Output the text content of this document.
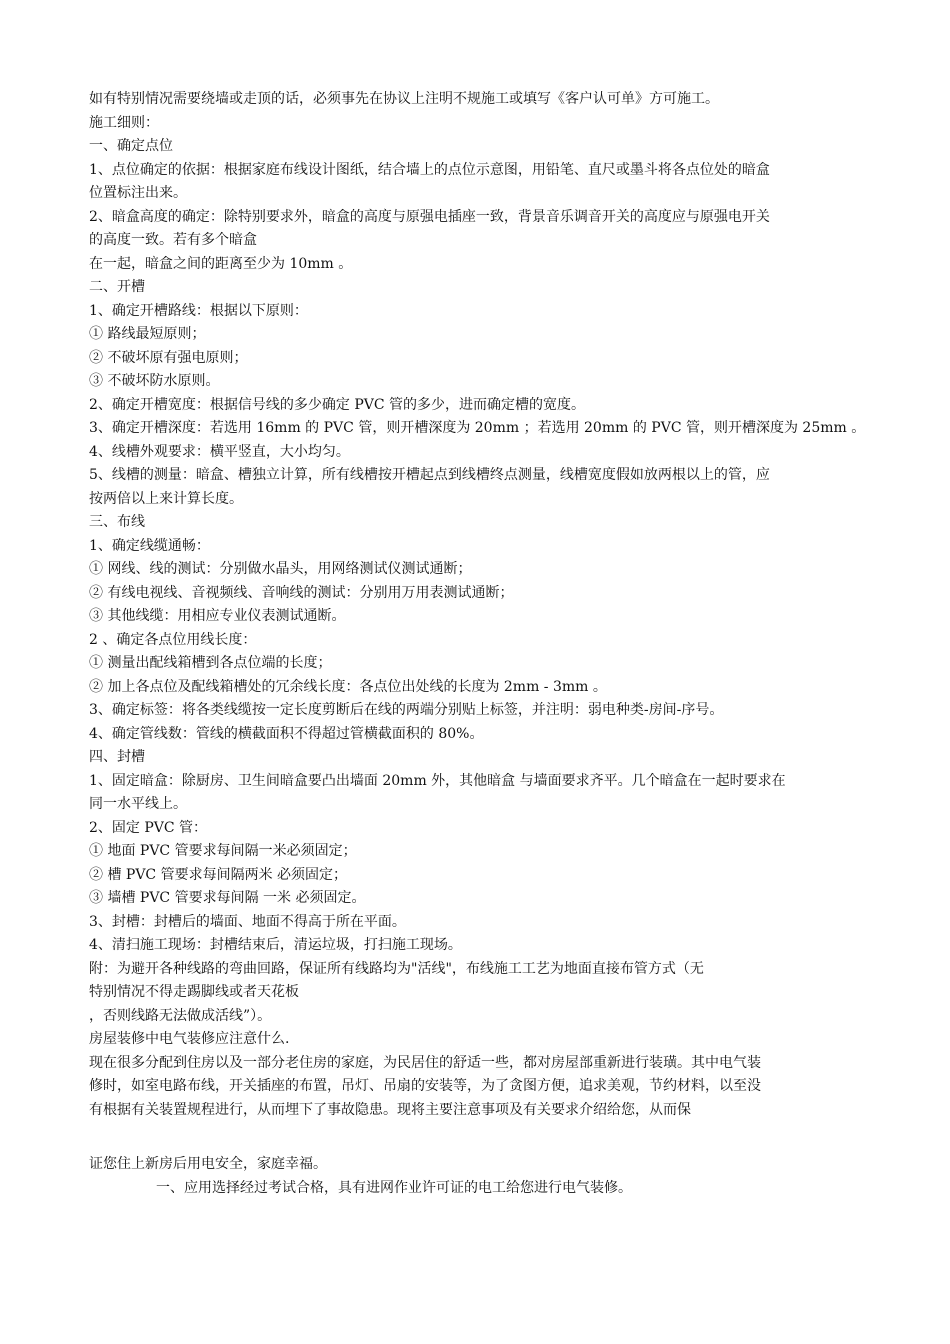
如有特别情况需要绕墙或走顶的话，必须事先在协议上注明不规施工或填写《客户认可单》方可施工。
施工细则：
一、确定点位
1、点位确定的依据：根据家庭布线设计图纸，结合墙上的点位示意图，用铅笔、直尺或墨斗将各点位处的暗盒
位置标注出来。
2、暗盒高度的确定：除特别要求外，暗盒的高度与原强电插座一致，背景音乐调音开关的高度应与原强电开关
的高度一致。若有多个暗盒
在一起，暗盒之间的距离至少为 10mm 。
二、开槽
1、确定开槽路线：根据以下原则：
① 路线最短原则；
② 不破坏原有强电原则；
③ 不破坏防水原则。
2、确定开槽宽度：根据信号线的多少确定 PVC 管的多少，进而确定槽的宽度。
3、确定开槽深度：若选用 16mm 的 PVC 管，则开槽深度为 20mm ；若选用 20mm 的 PVC 管，则开槽深度为 25mm 。
4、线槽外观要求：横平竖直，大小均匀。
5、线槽的测量：暗盒、槽独立计算，所有线槽按开槽起点到线槽终点测量，线槽宽度假如放两根以上的管，应
按两倍以上来计算长度。
三、布线
1、确定线缆通畅：
① 网线、线的测试：分别做水晶头，用网络测试仪测试通断；
② 有线电视线、音视频线、音响线的测试：分别用万用表测试通断；
③ 其他线缆：用相应专业仪表测试通断。
2 、确定各点位用线长度：
① 测量出配线箱槽到各点位端的长度；
② 加上各点位及配线箱槽处的冗余线长度：各点位出处线的长度为 2mm - 3mm 。
3、确定标签：将各类线缆按一定长度剪断后在线的两端分别贴上标签，并注明：弱电种类-房间-序号。
4、确定管线数：管线的横截面积不得超过管横截面积的 80%。
四、封槽
1、固定暗盒：除厨房、卫生间暗盒要凸出墙面 20mm 外，其他暗盒 与墙面要求齐平。几个暗盒在一起时要求在
同一水平线上。
2、固定 PVC 管：
① 地面 PVC 管要求每间隔一米必须固定；
② 槽 PVC 管要求每间隔两米 必须固定；
③ 墙槽 PVC 管要求每间隔 一米 必须固定。
3、封槽：封槽后的墙面、地面不得高于所在平面。
4、清扫施工现场：封槽结束后，清运垃圾，打扫施工现场。
附：为避开各种线路的弯曲回路，保证所有线路均为"活线"，布线施工工艺为地面直接布管方式（无
特别情况不得走踢脚线或者天花板
，否则线路无法做成活线”）。
房屋装修中电气装修应注意什么.
现在很多分配到住房以及一部分老住房的家庭，为民居住的舒适一些，都对房屋部重新进行装璜。其中电气装
修时，如室电路布线，开关插座的布置，吊灯、吊扇的安装等，为了贪图方便，追求美观，节约材料，以至没
有根据有关装置规程进行，从而埋下了事故隐患。现将主要注意事项及有关要求介绍给您，从而保
证您住上新房后用电安全，家庭幸福。
一、应用选择经过考试合格，具有进网作业许可证的电工给您进行电气装修。
